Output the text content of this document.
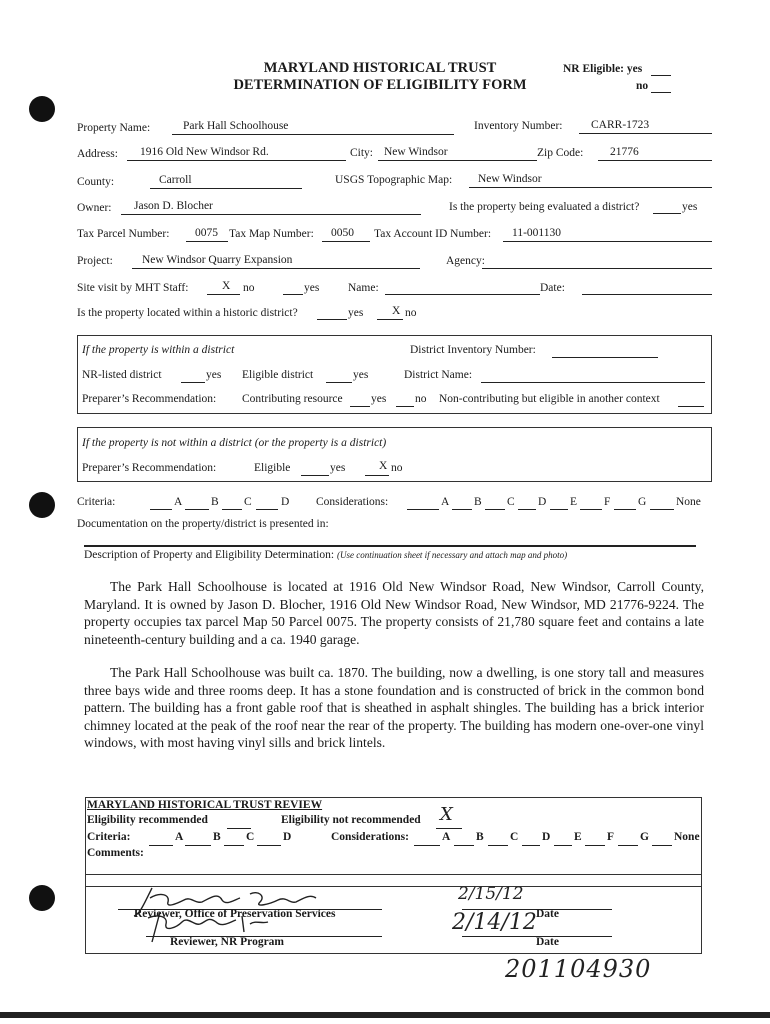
MARYLAND HISTORICAL TRUST
DETERMINATION OF ELIGIBILITY FORM
NR Eligible: yes
no
Property Name:	Park Hall Schoolhouse	Inventory Number: CARR-1723
Address: 1916 Old New Windsor Rd.	City: New Windsor	Zip Code: 21776
County:	Carroll	USGS Topographic Map: New Windsor
Owner: Jason D. Blocher	Is the property being evaluated a district?	yes
Tax Parcel Number: 0075 Tax Map Number: 0050 Tax Account ID Number: 11-001130
Project:	New Windsor Quarry Expansion	Agency:
Site visit by MHT Staff:	X no	yes Name:	Date:
Is the property located within a historic district?	yes X no
If the property is within a district	District Inventory Number:
NR-listed district	yes Eligible district	yes	District Name:
Preparer’s Recommendation: Contributing resource yes no Non-contributing but eligible in another context
If the property is not within a district (or the property is a district)
Preparer’s Recommendation:	Eligible	yes	X no
Criteria:	A B C	D Considerations:	A B C D E F G	None
Documentation on the property/district is presented in:
Description of Property and Eligibility Determination: (Use continuation sheet if necessary and attach map and photo)

The Park Hall Schoolhouse is located at 1916 Old New Windsor Road, New Windsor, Carroll County, Maryland. It is owned by Jason D. Blocher, 1916 Old New Windsor Road, New Windsor, MD 21776-9224. The property occupies tax parcel Map 50 Parcel 0075. The property consists of 21,780 square feet and contains a late nineteenth-century building and a ca. 1940 garage.

The Park Hall Schoolhouse was built ca. 1870. The building, now a dwelling, is one story tall and measures three bays wide and three rooms deep. It has a stone foundation and is constructed of brick in the common bond pattern. The building has a front gable roof that is sheathed in asphalt shingles. The building has a brick interior chimney located at the peak of the roof near the rear of the property. The building has modern one-over-one vinyl windows, with most having vinyl sills and brick lintels.

MARYLAND HISTORICAL TRUST REVIEW
Eligibility recommended	Eligibility not recommended X
Criteria:	A	B C D	Considerations:	A B C D E F G None
Comments:
Reviewer, Office of Preservation Services	Date
2/15/12
Reviewer, NR Program	Date
2/14/12
201104930
